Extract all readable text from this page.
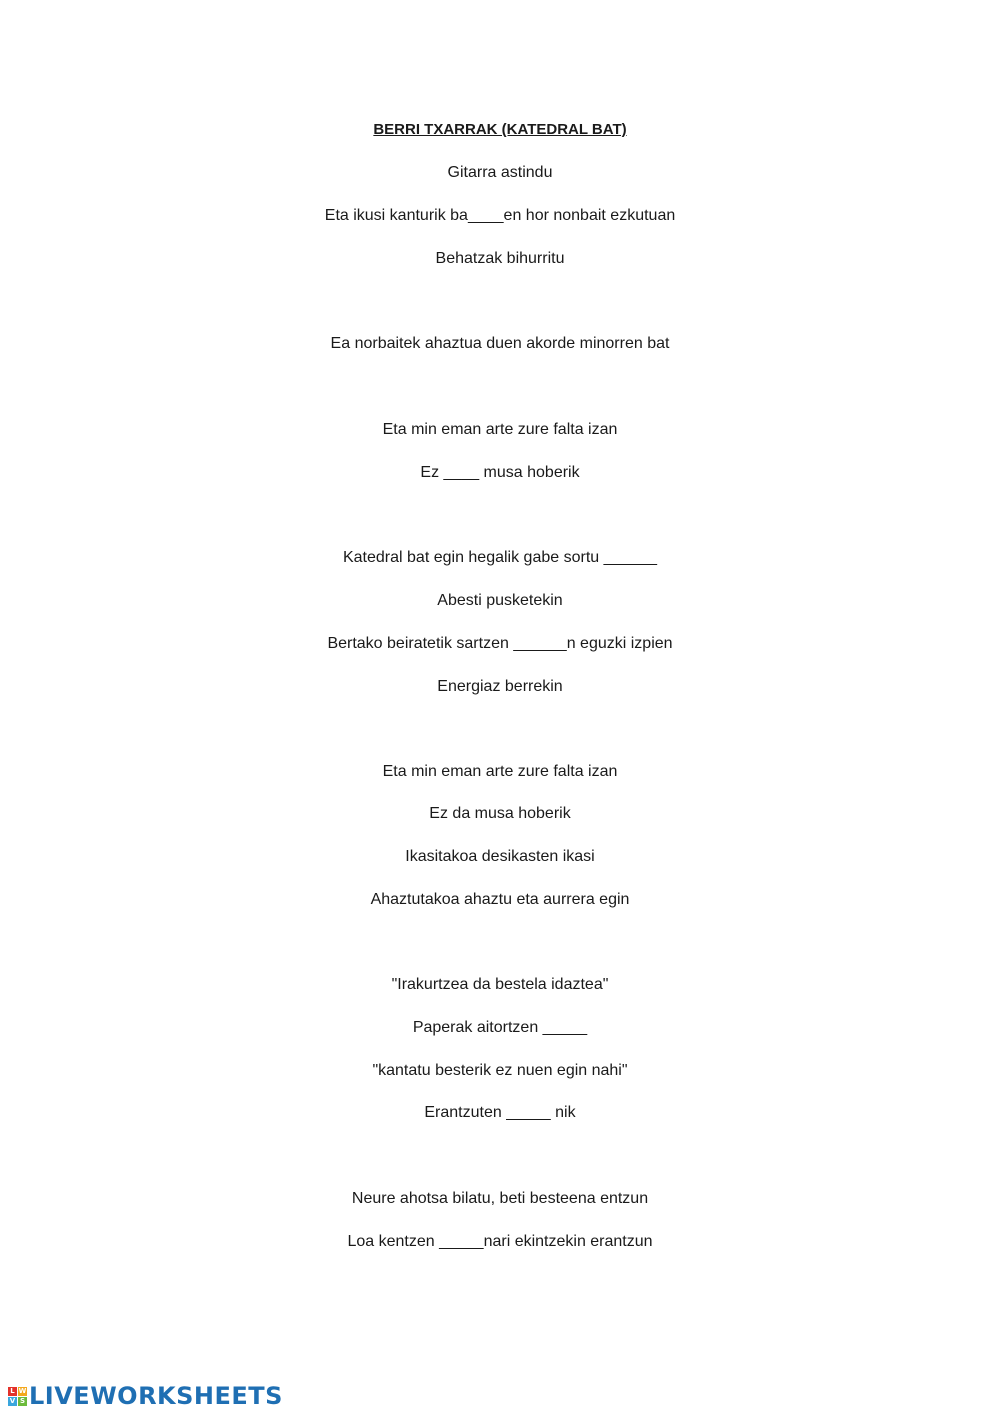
BERRI TXARRAK (KATEDRAL BAT)
Gitarra astindu
Eta ikusi kanturik ba____en hor nonbait ezkutuan
Behatzak bihurritu
Ea norbaitek ahaztua duen akorde minorren bat
Eta min eman arte zure falta izan
Ez ____ musa hoberik
Katedral bat egin hegalik gabe sortu ______
Abesti pusketekin
Bertako beiratetik sartzen ______n eguzki izpien
Energiaz berrekin
Eta min eman arte zure falta izan
Ez da musa hoberik
Ikasitakoa desikasten ikasi
Ahaztutakoa ahaztu eta aurrera egin
"Irakurtzea da bestela idaztea"
Paperak aitortzen _____
"kantatu besterik ez nuen egin nahi"
Erantzuten _____ nik
Neure ahotsa bilatu, beti besteena entzun
Loa kentzen _____nari ekintzekin erantzun
L W
V S LIVEWORKSHEETS
